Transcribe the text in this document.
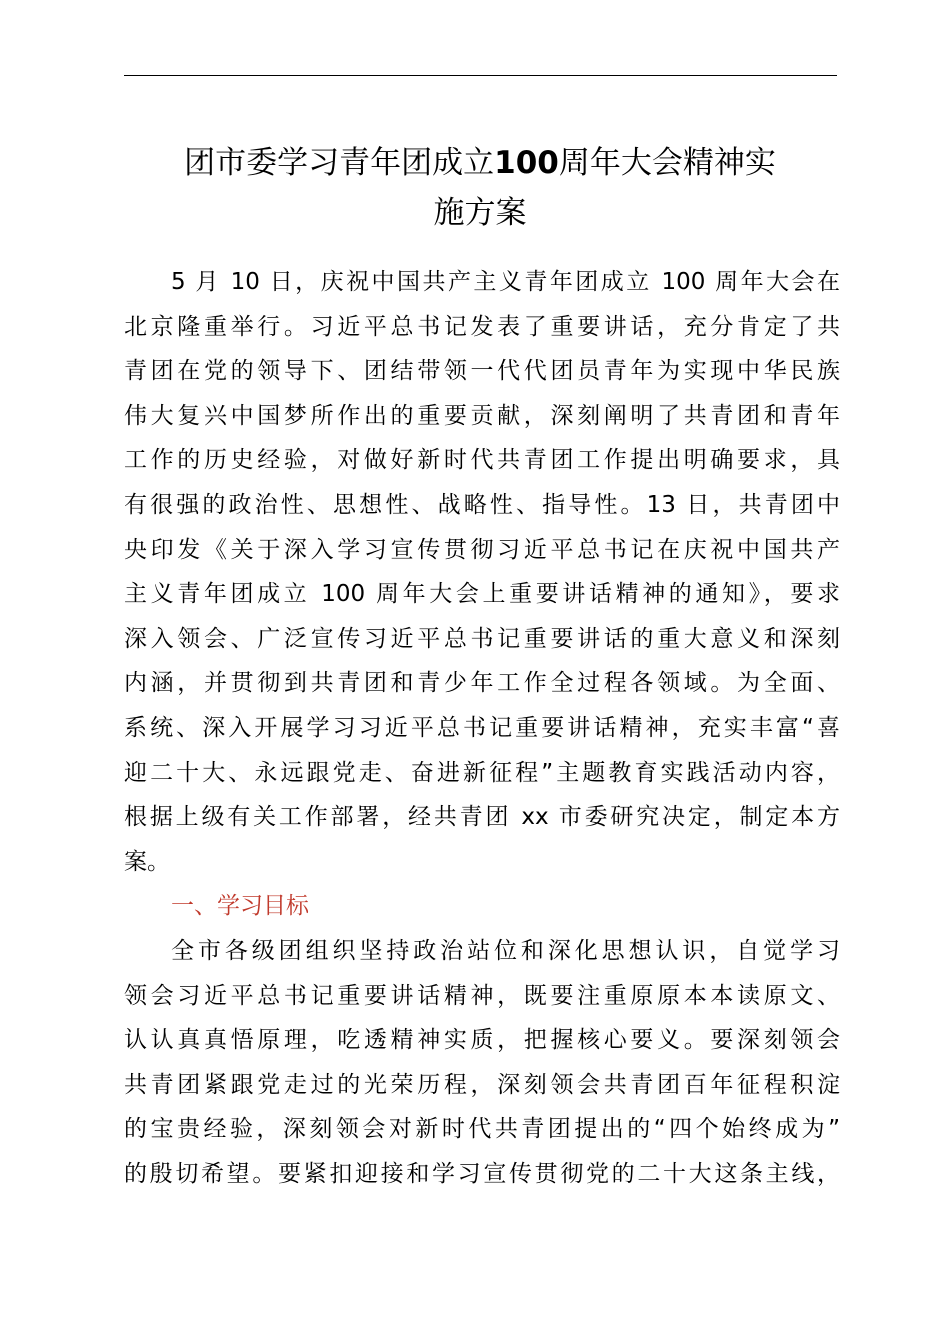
团市委学习青年团成立100周年大会精神实
施方案
5 月 10 日，庆祝中国共产主义青年团成立 100 周年大会在
北京隆重举行。习近平总书记发表了重要讲话，充分肯定了共
青团在党的领导下、团结带领一代代团员青年为实现中华民族
伟大复兴中国梦所作出的重要贡献，深刻阐明了共青团和青年
工作的历史经验，对做好新时代共青团工作提出明确要求，具
有很强的政治性、思想性、战略性、指导性。13 日，共青团中
央印发《关于深入学习宣传贯彻习近平总书记在庆祝中国共产
主义青年团成立 100 周年大会上重要讲话精神的通知》，要求
深入领会、广泛宣传习近平总书记重要讲话的重大意义和深刻
内涵，并贯彻到共青团和青少年工作全过程各领域。为全面、
系统、深入开展学习习近平总书记重要讲话精神，充实丰富“喜
迎二十大、永远跟党走、奋进新征程”主题教育实践活动内容，
根据上级有关工作部署，经共青团 xx 市委研究决定，制定本方
案。
一、学习目标
全市各级团组织坚持政治站位和深化思想认识，自觉学习
领会习近平总书记重要讲话精神，既要注重原原本本读原文、
认认真真悟原理，吃透精神实质，把握核心要义。要深刻领会
共青团紧跟党走过的光荣历程，深刻领会共青团百年征程积淀
的宝贵经验，深刻领会对新时代共青团提出的“四个始终成为”
的殷切希望。要紧扣迎接和学习宣传贯彻党的二十大这条主线，
